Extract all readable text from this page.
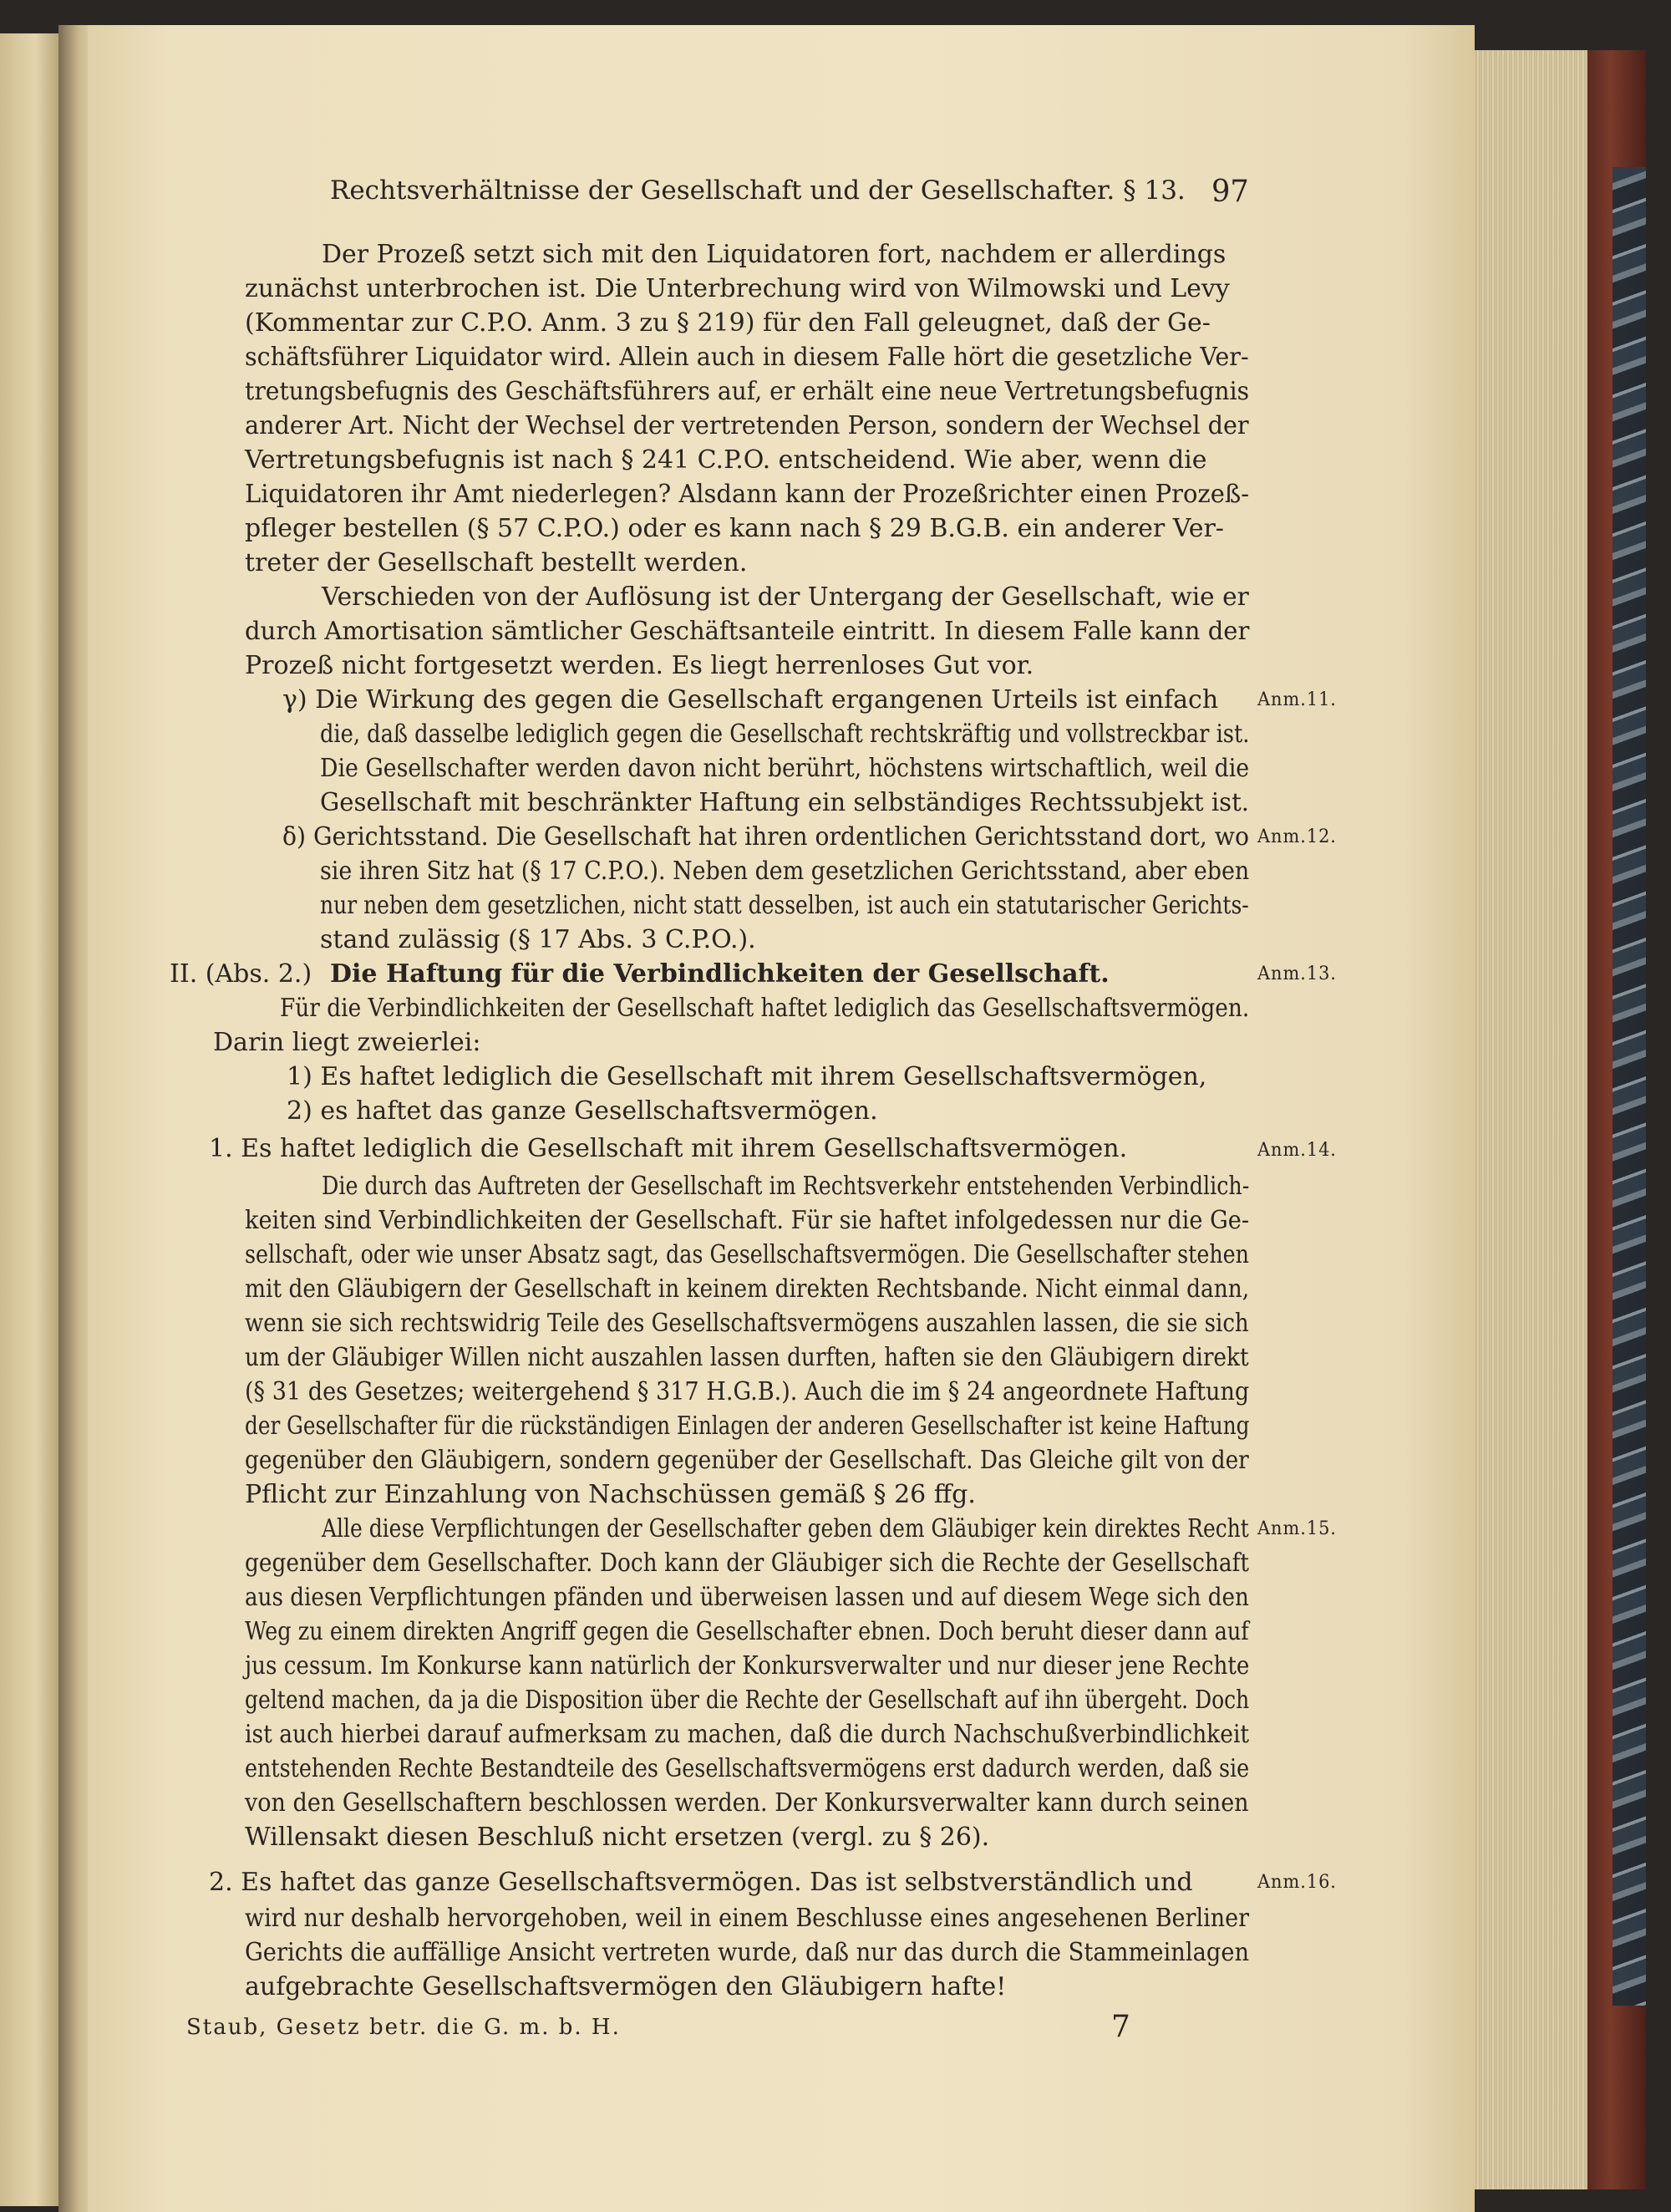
Rechtsverhältnisse der Gesellschaft und der Gesellschafter. § 13. 97
Der Prozeß setzt sich mit den Liquidatoren fort, nachdem er allerdings
zunächst unterbrochen ist. Die Unterbrechung wird von Wilmowski und Levy
(Kommentar zur C.P.O. Anm. 3 zu § 219) für den Fall geleugnet, daß der Ge-
schäftsführer Liquidator wird. Allein auch in diesem Falle hört die gesetzliche Ver-
tretungsbefugnis des Geschäftsführers auf, er erhält eine neue Vertretungsbefugnis
anderer Art. Nicht der Wechsel der vertretenden Person, sondern der Wechsel der
Vertretungsbefugnis ist nach § 241 C.P.O. entscheidend. Wie aber, wenn die
Liquidatoren ihr Amt niederlegen? Alsdann kann der Prozeßrichter einen Prozeß-
pfleger bestellen (§ 57 C.P.O.) oder es kann nach § 29 B.G.B. ein anderer Ver-
treter der Gesellschaft bestellt werden.
Verschieden von der Auflösung ist der Untergang der Gesellschaft, wie er
durch Amortisation sämtlicher Geschäftsanteile eintritt. In diesem Falle kann der
Prozeß nicht fortgesetzt werden. Es liegt herrenloses Gut vor.
γ) Die Wirkung des gegen die Gesellschaft ergangenen Urteils ist einfach
die, daß dasselbe lediglich gegen die Gesellschaft rechtskräftig und vollstreckbar ist.
Die Gesellschafter werden davon nicht berührt, höchstens wirtschaftlich, weil die
Gesellschaft mit beschränkter Haftung ein selbständiges Rechtssubjekt ist.
δ) Gerichtsstand. Die Gesellschaft hat ihren ordentlichen Gerichtsstand dort, wo
sie ihren Sitz hat (§ 17 C.P.O.). Neben dem gesetzlichen Gerichtsstand, aber eben
nur neben dem gesetzlichen, nicht statt desselben, ist auch ein statutarischer Gerichts-
stand zulässig (§ 17 Abs. 3 C.P.O.).
II. (Abs. 2.) Die Haftung für die Verbindlichkeiten der Gesellschaft.
Für die Verbindlichkeiten der Gesellschaft haftet lediglich das Gesellschaftsvermögen.
Darin liegt zweierlei:
1) Es haftet lediglich die Gesellschaft mit ihrem Gesellschaftsvermögen,
2) es haftet das ganze Gesellschaftsvermögen.
1. Es haftet lediglich die Gesellschaft mit ihrem Gesellschaftsvermögen.
Die durch das Auftreten der Gesellschaft im Rechtsverkehr entstehenden Verbindlich-
keiten sind Verbindlichkeiten der Gesellschaft. Für sie haftet infolgedessen nur die Ge-
sellschaft, oder wie unser Absatz sagt, das Gesellschaftsvermögen. Die Gesellschafter stehen
mit den Gläubigern der Gesellschaft in keinem direkten Rechtsbande. Nicht einmal dann,
wenn sie sich rechtswidrig Teile des Gesellschaftsvermögens auszahlen lassen, die sie sich
um der Gläubiger Willen nicht auszahlen lassen durften, haften sie den Gläubigern direkt
(§ 31 des Gesetzes; weitergehend § 317 H.G.B.). Auch die im § 24 angeordnete Haftung
der Gesellschafter für die rückständigen Einlagen der anderen Gesellschafter ist keine Haftung
gegenüber den Gläubigern, sondern gegenüber der Gesellschaft. Das Gleiche gilt von der
Pflicht zur Einzahlung von Nachschüssen gemäß § 26 ffg.
Alle diese Verpflichtungen der Gesellschafter geben dem Gläubiger kein direktes Recht
gegenüber dem Gesellschafter. Doch kann der Gläubiger sich die Rechte der Gesellschaft
aus diesen Verpflichtungen pfänden und überweisen lassen und auf diesem Wege sich den
Weg zu einem direkten Angriff gegen die Gesellschafter ebnen. Doch beruht dieser dann auf
jus cessum. Im Konkurse kann natürlich der Konkursverwalter und nur dieser jene Rechte
geltend machen, da ja die Disposition über die Rechte der Gesellschaft auf ihn übergeht. Doch
ist auch hierbei darauf aufmerksam zu machen, daß die durch Nachschußverbindlichkeit
entstehenden Rechte Bestandteile des Gesellschaftsvermögens erst dadurch werden, daß sie
von den Gesellschaftern beschlossen werden. Der Konkursverwalter kann durch seinen
Willensakt diesen Beschluß nicht ersetzen (vergl. zu § 26).
2. Es haftet das ganze Gesellschaftsvermögen. Das ist selbstverständlich und
wird nur deshalb hervorgehoben, weil in einem Beschlusse eines angesehenen Berliner
Gerichts die auffällige Ansicht vertreten wurde, daß nur das durch die Stammeinlagen
aufgebrachte Gesellschaftsvermögen den Gläubigern hafte!
Anm.11.
Anm.12.
Anm.13.
Anm.14.
Anm.15.
Anm.16.
Staub, Gesetz betr. die G. m. b. H.	7
